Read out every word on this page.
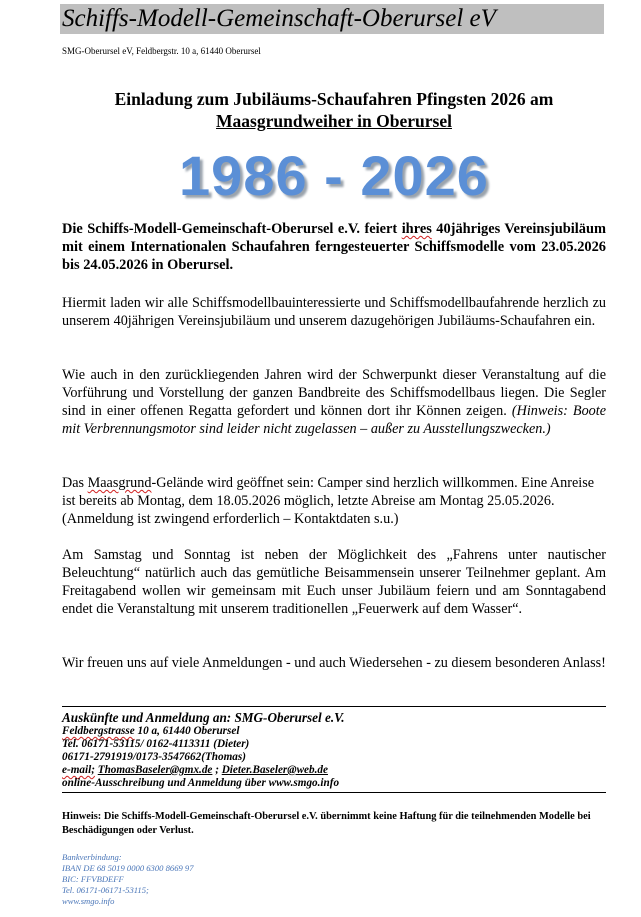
Schiffs-Modell-Gemeinschaft-Oberursel eV
SMG-Oberursel eV, Feldbergstr. 10 a, 61440 Oberursel
Einladung zum Jubiläums-Schaufahren Pfingsten 2026 am
Maasgrundweiher in Oberursel
1986 - 2026
Die Schiffs-Modell-Gemeinschaft-Oberursel e.V. feiert ihres 40jähriges Vereinsjubiläum mit einem Internationalen Schaufahren ferngesteuerter Schiffsmodelle vom 23.05.2026 bis 24.05.2026 in Oberursel.
Hiermit laden wir alle Schiffsmodellbauinteressierte und Schiffsmodellbaufahrende herzlich zu unserem 40jährigen Vereinsjubiläum und unserem dazugehörigen Jubiläums-Schaufahren ein.
Wie auch in den zurückliegenden Jahren wird der Schwerpunkt dieser Veranstaltung auf die Vorführung und Vorstellung der ganzen Bandbreite des Schiffsmodellbaus liegen. Die Segler sind in einer offenen Regatta gefordert und können dort ihr Können zeigen. (Hinweis: Boote mit Verbrennungsmotor sind leider nicht zugelassen – außer zu Ausstellungszwecken.)
Das Maasgrund-Gelände wird geöffnet sein: Camper sind herzlich willkommen. Eine Anreise ist bereits ab Montag, dem 18.05.2026 möglich, letzte Abreise am Montag 25.05.2026. (Anmeldung ist zwingend erforderlich – Kontaktdaten s.u.)
Am Samstag und Sonntag ist neben der Möglichkeit des „Fahrens unter nautischer Beleuchtung“ natürlich auch das gemütliche Beisammensein unserer Teilnehmer geplant. Am Freitagabend wollen wir gemeinsam mit Euch unser Jubiläum feiern und am Sonntagabend endet die Veranstaltung mit unserem traditionellen „Feuerwerk auf dem Wasser“.
Wir freuen uns auf viele Anmeldungen - und auch Wiedersehen - zu diesem besonderen Anlass!
Auskünfte und Anmeldung an: SMG-Oberursel e.V.
Feldbergstrasse 10 a, 61440 Oberursel
Tel. 06171-53115/ 0162-4113311 (Dieter)
06171-2791919/0173-3547662(Thomas)
e-mail; ThomasBaseler@gmx.de ; Dieter.Baseler@web.de
online-Ausschreibung und Anmeldung über www.smgo.info
Hinweis: Die Schiffs-Modell-Gemeinschaft-Oberursel e.V. übernimmt keine Haftung für die teilnehmenden Modelle bei Beschädigungen oder Verlust.
Bankverbindung:
IBAN DE 68 5019 0000 6300 8669 97
BIC: FFVBDEFF
Tel. 06171-06171-53115;
www.smgo.info
